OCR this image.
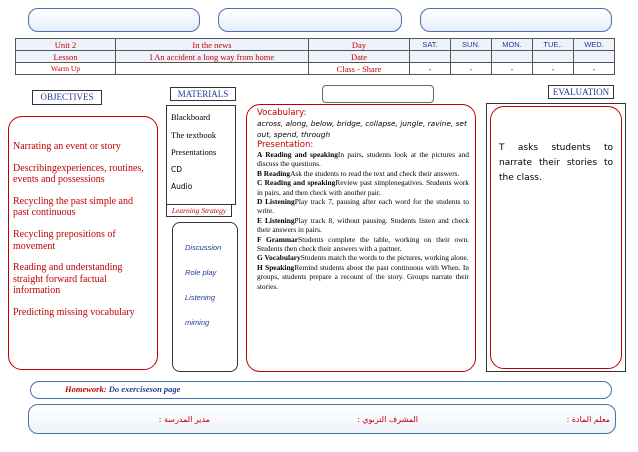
Unit 2	In the news	Day	SAT.	SUN.	MON.	TUE..	WED.
Lesson	I An accident a long way from home	Date					
Warm Up		Class - Share	-	-	-	-	-
OBJECTIVES
Narrating an event or story
Describingexperiences, routines, events and possessions
Recycling the past simple and past continuous
Recycling prepositions of movement
Reading and understanding straight forward factual information
Predicting missing vocabulary
MATERIALS
Blackboard
The textbook
Presentations
CD
Audio
Learning Strategy
Discussion
Role play
Listening
miming
Vocabulary:
across, along, below, bridge, collapse, jungle, ravine, set out, spend, through
Presentation:
A Reading and speakingIn pairs, students look at the pictures and discuss the questions.
B ReadingAsk the students to read the text and check their answers.
C Reading and speakingReview past simplenegatives. Students work in pairs, and then check with another pair.
D ListeningPlay track 7, pausing after each word for the students to write.
E ListeningPlay track 8, without pausing. Students listen and check their answers in pairs.
F GrammarStudents complete the table, working on their own. Students then check their answers with a partner.
G VocabularyStudents match the words to the pictures, working alone.
H SpeakingRemind students about the past continuous with When. In groups, students prepare a recount of the story. Groups narrate their stories.
EVALUATION
T asks students to narrate their stories to the class.
Homework: Do exerciseson page
مدير المدرسة :	المشرف التربوي :	معلم المادة :
